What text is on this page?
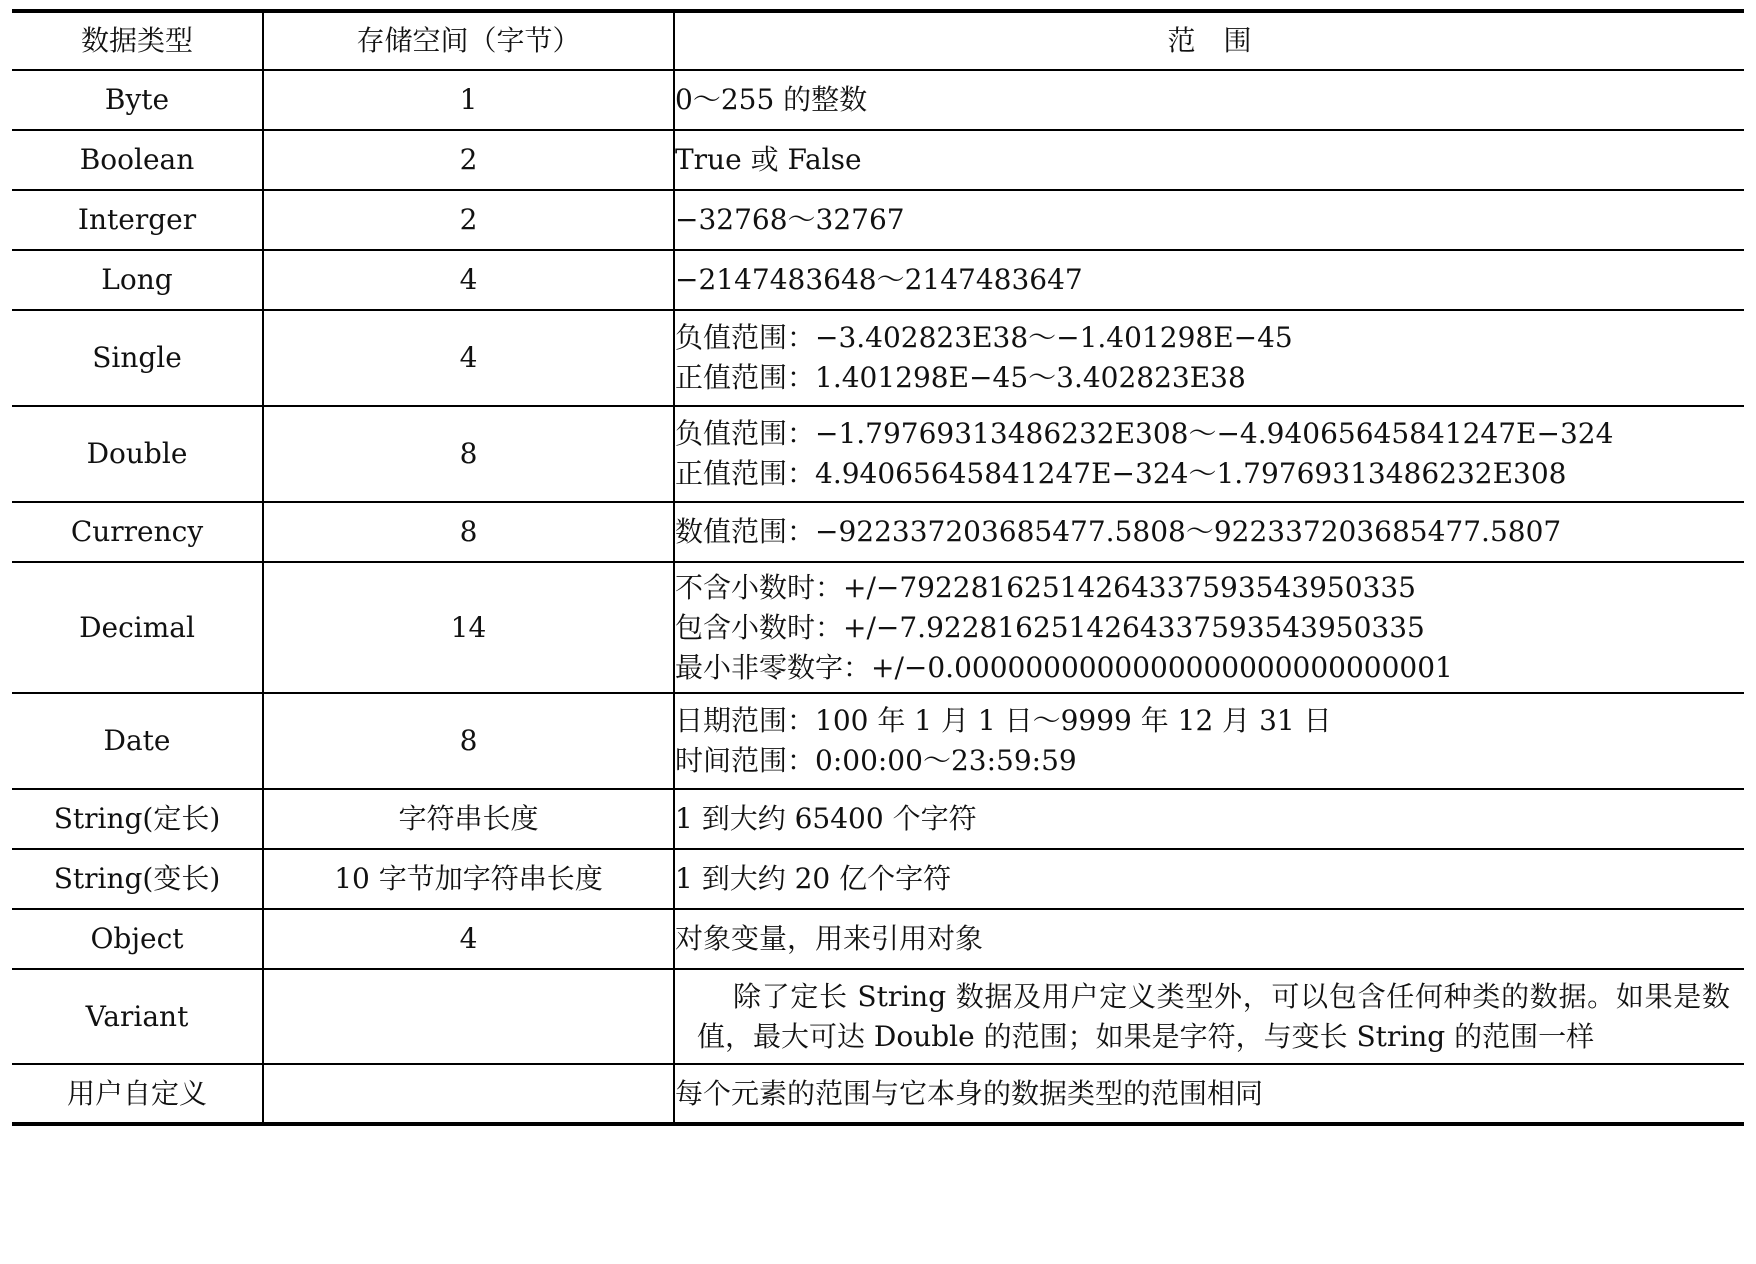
数据类型	存储空间（字节）	范　围
Byte	1	0～255 的整数

Boolean	2	True 或 False

Interger	2	−32768～32767

Long	4	−2147483648～2147483647

Single	4	负值范围：−3.402823E38～−1.401298E−45
正值范围：1.401298E−45～3.402823E38

Double	8	负值范围：−1.79769313486232E308～−4.94065645841247E−324
正值范围：4.94065645841247E−324～1.79769313486232E308

Currency	8	数值范围：−922337203685477.5808～922337203685477.5807

Decimal	14	不含小数时：+/−79228162514264337593543950335
包含小数时：+/−7.9228162514264337593543950335
最小非零数字：+/−0.0000000000000000000000000001

Date	8	日期范围：100 年 1 月 1 日～9999 年 12 月 31 日
时间范围：0:00:00～23:59:59

String(定长)	字符串长度	1 到大约 65400 个字符

String(变长)	10 字节加字符串长度	1 到大约 20 亿个字符

Object	4	对象变量，用来引用对象

Variant		除了定长 String 数据及用户定义类型外，可以包含任何种类的数据。如果是数值，最大可达 Double 的范围；如果是字符，与变长 String 的范围一样

用户自定义		每个元素的范围与它本身的数据类型的范围相同
